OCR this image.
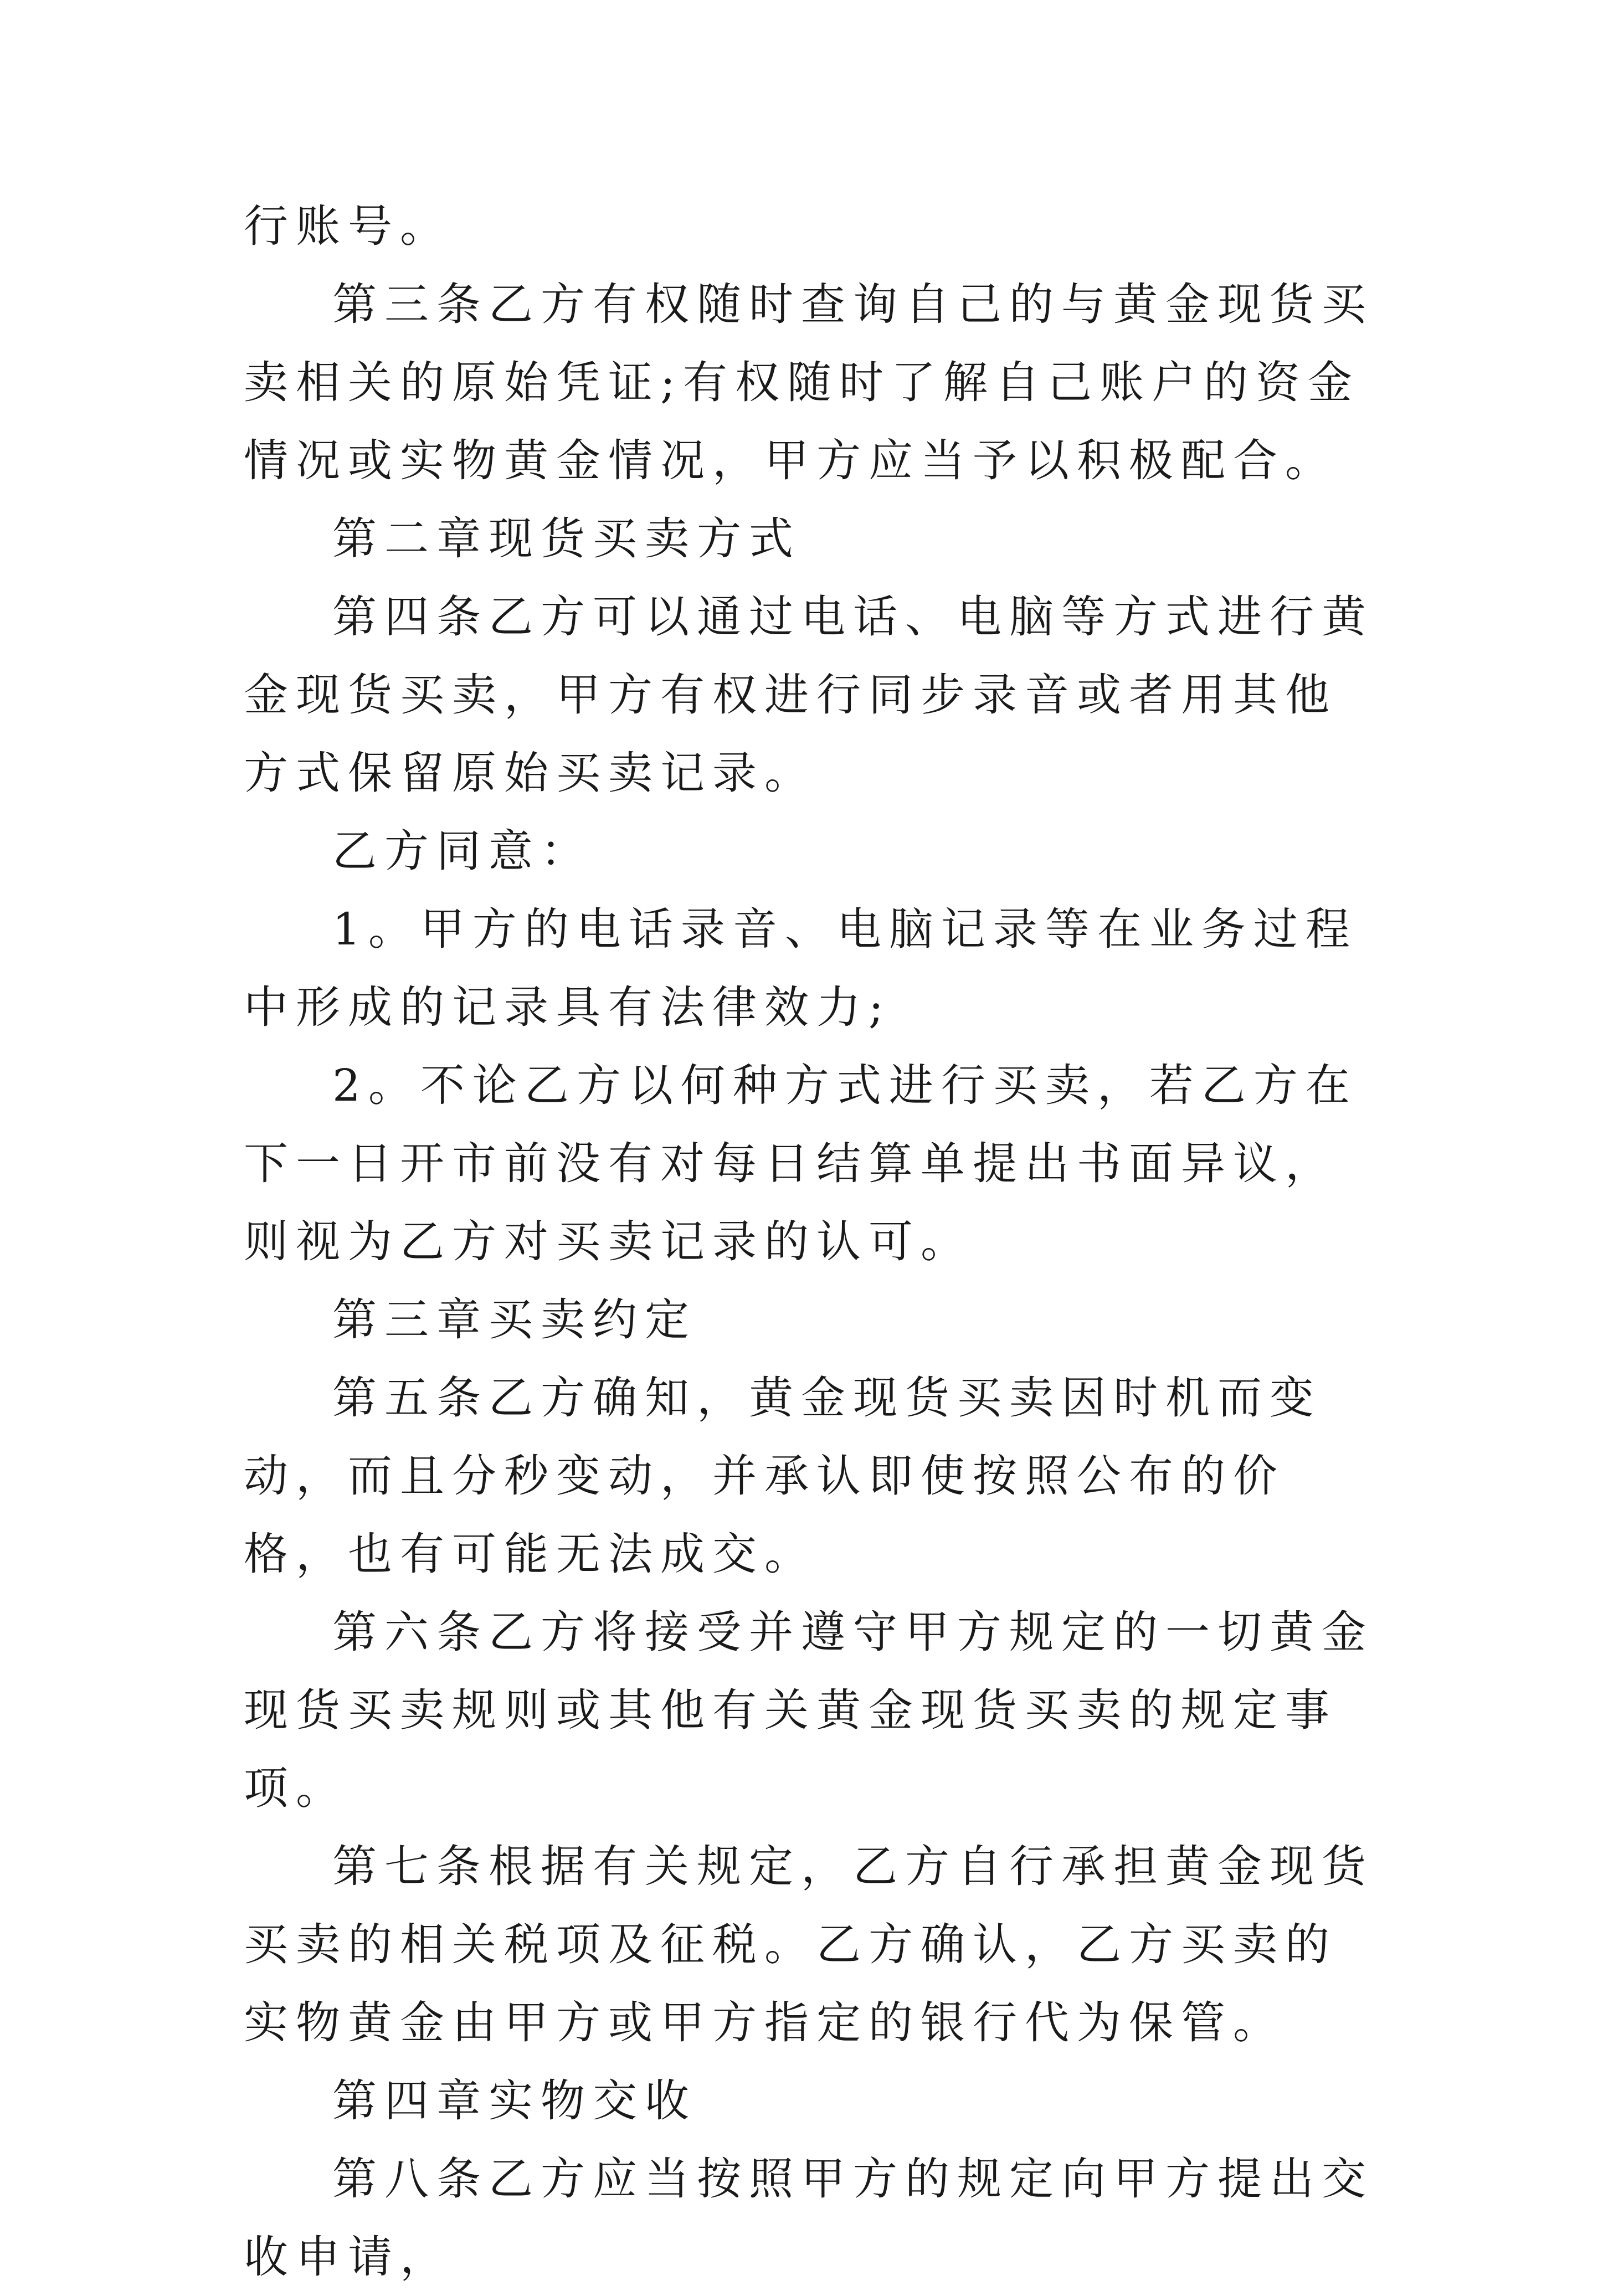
行账号。

第三条乙方有权随时查询自己的与黄金现货买卖相关的原始凭证;有权随时了解自己账户的资金情况或实物黄金情况，甲方应当予以积极配合。

第二章现货买卖方式

第四条乙方可以通过电话、电脑等方式进行黄金现货买卖，甲方有权进行同步录音或者用其他方式保留原始买卖记录。

乙方同意：

1。甲方的电话录音、电脑记录等在业务过程中形成的记录具有法律效力;

2。不论乙方以何种方式进行买卖，若乙方在下一日开市前没有对每日结算单提出书面异议，则视为乙方对买卖记录的认可。

第三章买卖约定

第五条乙方确知，黄金现货买卖因时机而变动，而且分秒变动，并承认即使按照公布的价格，也有可能无法成交。

第六条乙方将接受并遵守甲方规定的一切黄金现货买卖规则或其他有关黄金现货买卖的规定事项。

第七条根据有关规定，乙方自行承担黄金现货买卖的相关税项及征税。乙方确认，乙方买卖的实物黄金由甲方或甲方指定的银行代为保管。

第四章实物交收

第八条乙方应当按照甲方的规定向甲方提出交收申请，
